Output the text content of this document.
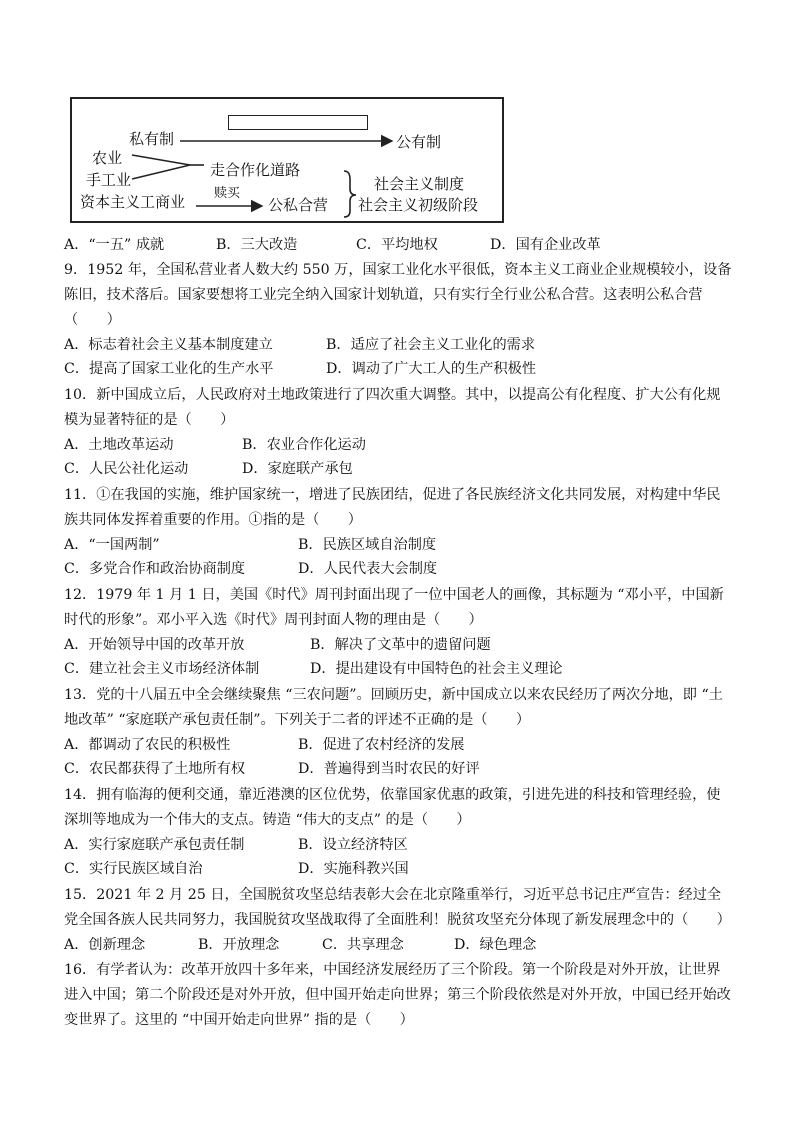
私有制	公有制
农业
手工业
资本主义工商业
走合作化道路
赎买
公私合营
社会主义制度
社会主义初级阶段
A．“一五” 成就	B．三大改造	C．平均地权	D．国有企业改革
9．1952 年，全国私营业者人数大约 550 万，国家工业化水平很低，资本主义工商业企业规模较小，设备陈旧，技术落后。国家要想将工业完全纳入国家计划轨道，只有实行全行业公私合营。这表明公私合营（　　）
A．标志着社会主义基本制度建立	B．适应了社会主义工业化的需求
C．提高了国家工业化的生产水平	D．调动了广大工人的生产积极性
10．新中国成立后，人民政府对土地政策进行了四次重大调整。其中，以提高公有化程度、扩大公有化规模为显著特征的是（　　）
A．土地改革运动	B．农业合作化运动
C．人民公社化运动	D．家庭联产承包
11．①在我国的实施，维护国家统一，增进了民族团结，促进了各民族经济文化共同发展，对构建中华民族共同体发挥着重要的作用。①指的是（　　）
A．“一国两制”	B．民族区域自治制度
C．多党合作和政治协商制度	D．人民代表大会制度
12．1979 年 1 月 1 日，美国《时代》周刊封面出现了一位中国老人的画像，其标题为 “邓小平，中国新时代的形象”。邓小平入选《时代》周刊封面人物的理由是（　　）
A．开始领导中国的改革开放	B．解决了文革中的遗留问题
C．建立社会主义市场经济体制	D．提出建设有中国特色的社会主义理论
13．党的十八届五中全会继续聚焦 “三农问题”。回顾历史，新中国成立以来农民经历了两次分地，即 “土地改革” “家庭联产承包责任制”。下列关于二者的评述不正确的是（　　）
A．都调动了农民的积极性	B．促进了农村经济的发展
C．农民都获得了土地所有权	D．普遍得到当时农民的好评
14．拥有临海的便利交通，靠近港澳的区位优势，依靠国家优惠的政策，引进先进的科技和管理经验，使深圳等地成为一个伟大的支点。铸造 “伟大的支点” 的是（　　）
A．实行家庭联产承包责任制	B．设立经济特区
C．实行民族区域自治	D．实施科教兴国
15．2021 年 2 月 25 日，全国脱贫攻坚总结表彰大会在北京隆重举行，习近平总书记庄严宣告：经过全党全国各族人民共同努力，我国脱贫攻坚战取得了全面胜利！脱贫攻坚充分体现了新发展理念中的（　　）
A．创新理念	B．开放理念	C．共享理念	D．绿色理念
16．有学者认为：改革开放四十多年来，中国经济发展经历了三个阶段。第一个阶段是对外开放，让世界进入中国；第二个阶段还是对外开放，但中国开始走向世界；第三个阶段依然是对外开放，中国已经开始改变世界了。这里的 “中国开始走向世界” 指的是（　　）
